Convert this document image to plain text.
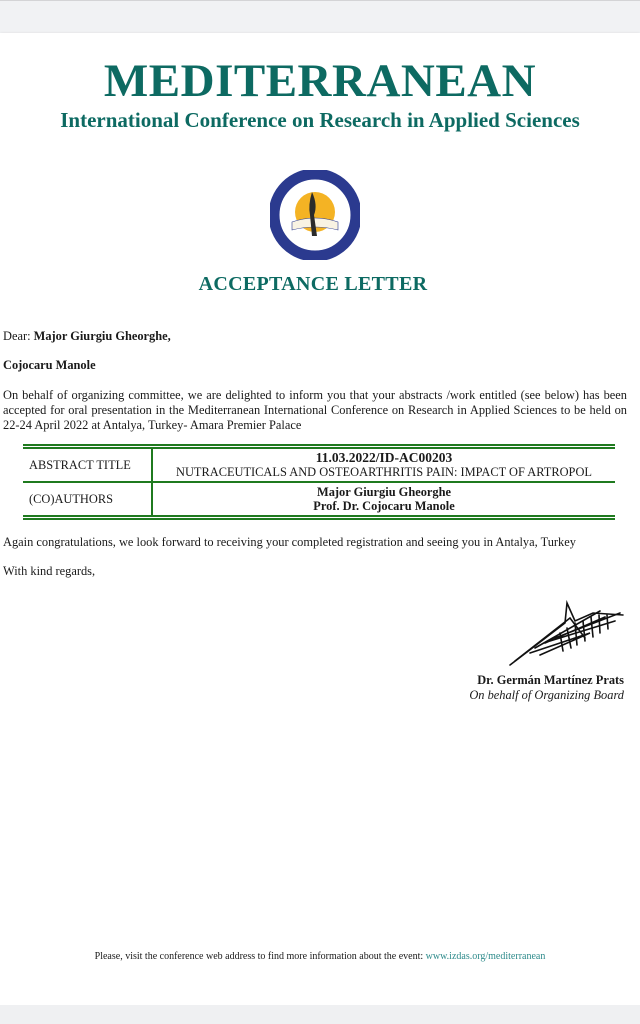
MEDITERRANEAN
International Conference on Research in Applied Sciences
• 2010 •
ACCEPTANCE LETTER
Dear: Major Giurgiu Gheorghe,
Cojocaru Manole
On behalf of organizing committee, we are delighted to inform you that your abstracts /work entitled (see below) has been accepted for oral presentation in the Mediterranean International Conference on Research in Applied Sciences to be held on 22-24 April 2022 at Antalya, Turkey- Amara Premier Palace
ABSTRACT TITLE	11.03.2022/ID-AC00203
NUTRACEUTICALS AND OSTEOARTHRITIS PAIN: IMPACT OF ARTROPOL

(CO)AUTHORS	Major Giurgiu Gheorghe
Prof. Dr. Cojocaru Manole
Again congratulations, we look forward to receiving your completed registration and seeing you in Antalya, Turkey
With kind regards,
Dr. Germán Martínez Prats
On behalf of Organizing Board
Please, visit the conference web address to find more information about the event: www.izdas.org/mediterranean
